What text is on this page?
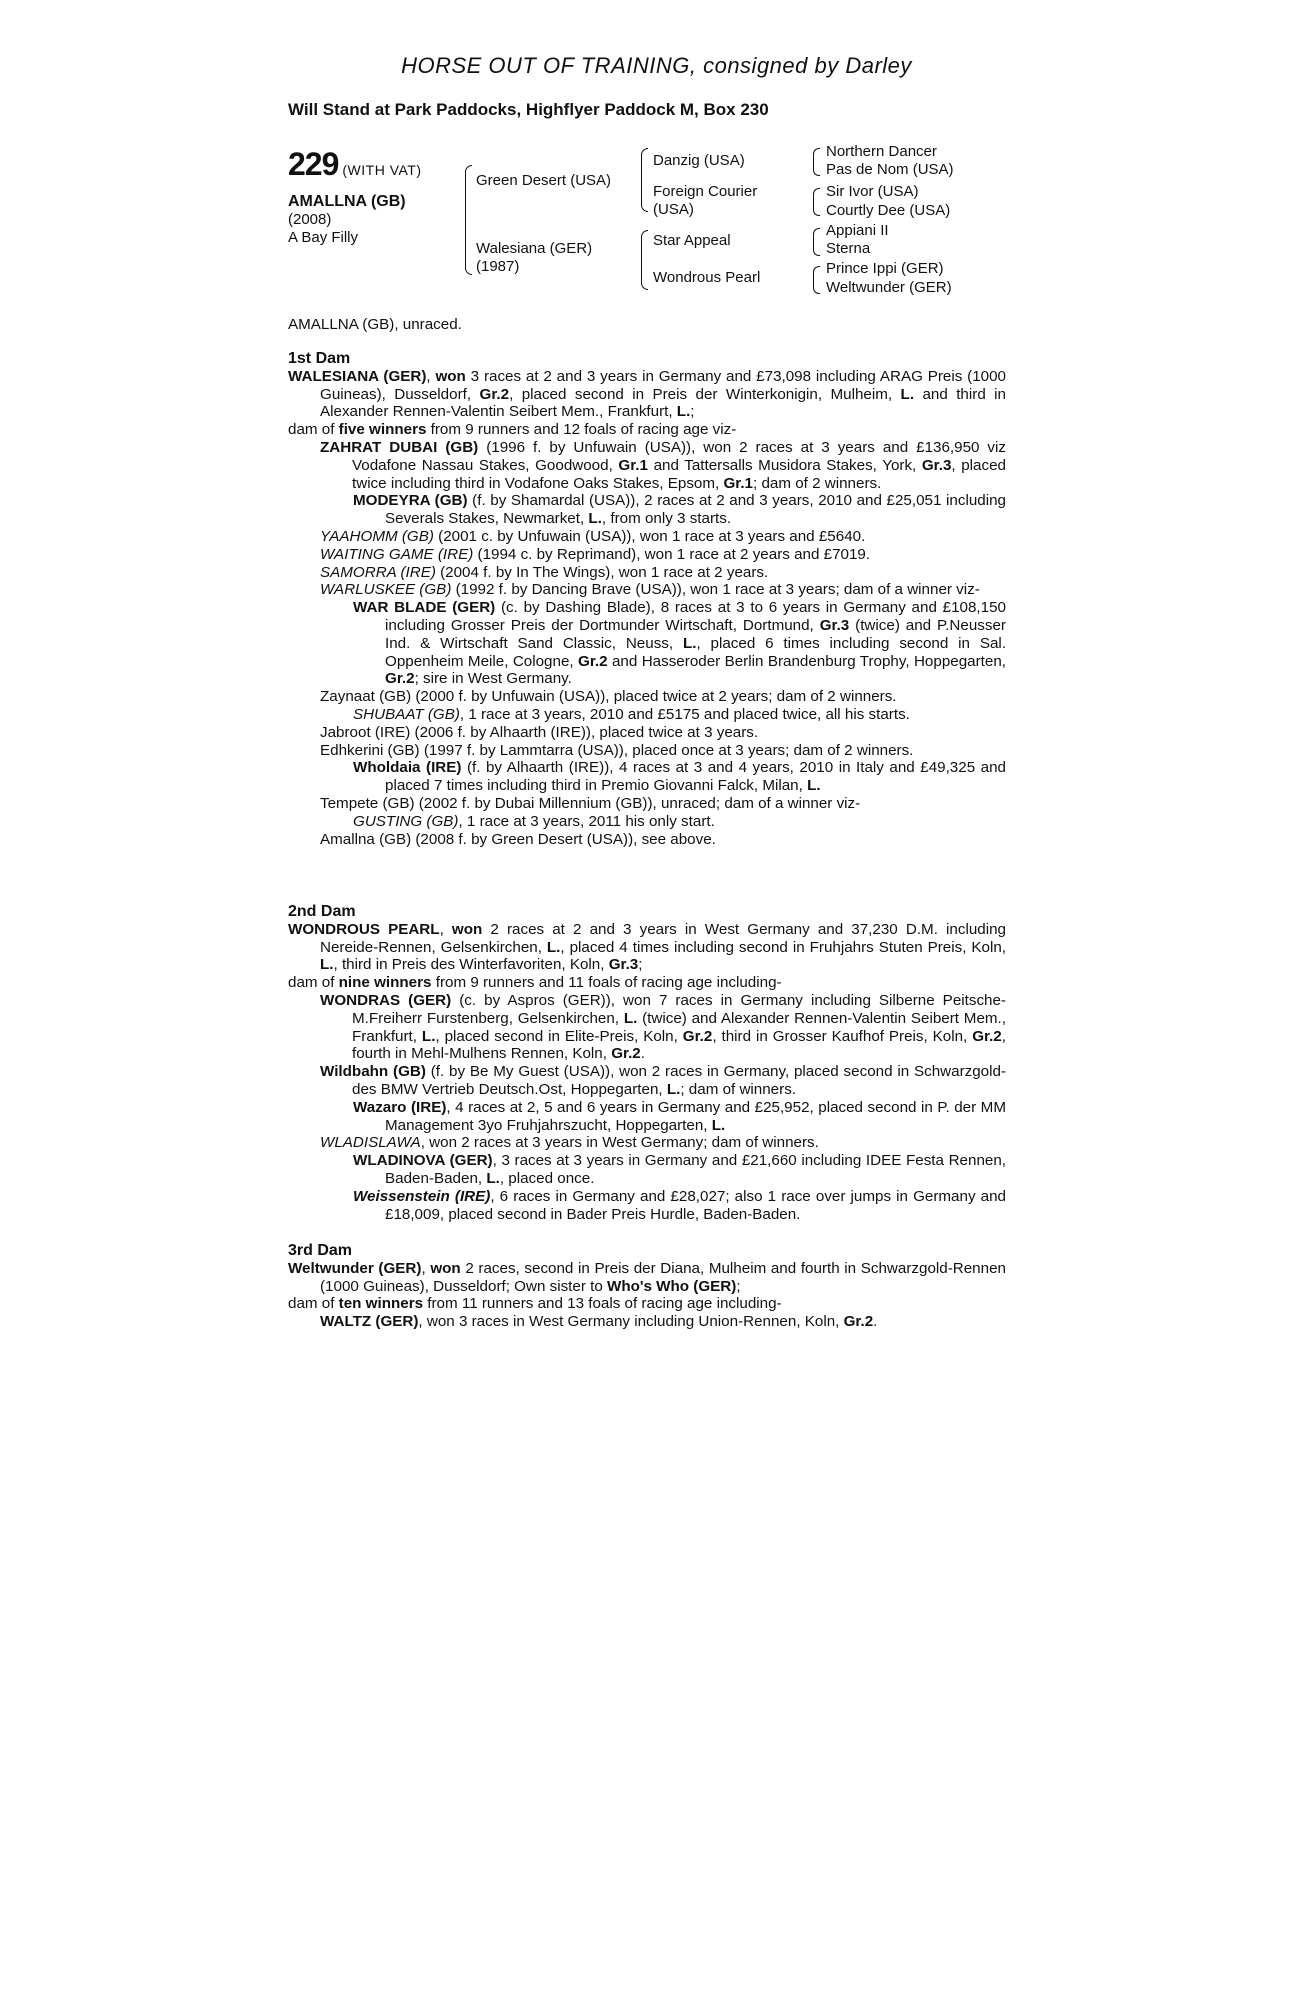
HORSE OUT OF TRAINING, consigned by Darley
Will Stand at Park Paddocks, Highflyer Paddock M, Box 230
229 (WITH VAT)
AMALLNA (GB)
(2008)
A Bay Filly
Green Desert (USA)
Walesiana (GER)
(1987)
Danzig (USA)
Foreign Courier
(USA)
Star Appeal
Wondrous Pearl
Northern Dancer
Pas de Nom (USA)
Sir Ivor (USA)
Courtly Dee (USA)
Appiani II
Sterna
Prince Ippi (GER)
Weltwunder (GER)
AMALLNA (GB), unraced.

1st Dam

WALESIANA (GER), won 3 races at 2 and 3 years in Germany and £73,098 including ARAG Preis (1000 Guineas), Dusseldorf, Gr.2, placed second in Preis der Winterkonigin, Mulheim, L. and third in Alexander Rennen-Valentin Seibert Mem., Frankfurt, L.;

dam of five winners from 9 runners and 12 foals of racing age viz-

ZAHRAT DUBAI (GB) (1996 f. by Unfuwain (USA)), won 2 races at 3 years and £136,950 viz Vodafone Nassau Stakes, Goodwood, Gr.1 and Tattersalls Musidora Stakes, York, Gr.3, placed twice including third in Vodafone Oaks Stakes, Epsom, Gr.1; dam of 2 winners.

MODEYRA (GB) (f. by Shamardal (USA)), 2 races at 2 and 3 years, 2010 and £25,051 including Severals Stakes, Newmarket, L., from only 3 starts.

YAAHOMM (GB) (2001 c. by Unfuwain (USA)), won 1 race at 3 years and £5640.

WAITING GAME (IRE) (1994 c. by Reprimand), won 1 race at 2 years and £7019.

SAMORRA (IRE) (2004 f. by In The Wings), won 1 race at 2 years.

WARLUSKEE (GB) (1992 f. by Dancing Brave (USA)), won 1 race at 3 years; dam of a winner viz-

WAR BLADE (GER) (c. by Dashing Blade), 8 races at 3 to 6 years in Germany and £108,150 including Grosser Preis der Dortmunder Wirtschaft, Dortmund, Gr.3 (twice) and P.Neusser Ind. & Wirtschaft Sand Classic, Neuss, L., placed 6 times including second in Sal. Oppenheim Meile, Cologne, Gr.2 and Hasseroder Berlin Brandenburg Trophy, Hoppegarten, Gr.2; sire in West Germany.

Zaynaat (GB) (2000 f. by Unfuwain (USA)), placed twice at 2 years; dam of 2 winners.

SHUBAAT (GB), 1 race at 3 years, 2010 and £5175 and placed twice, all his starts.

Jabroot (IRE) (2006 f. by Alhaarth (IRE)), placed twice at 3 years.

Edhkerini (GB) (1997 f. by Lammtarra (USA)), placed once at 3 years; dam of 2 winners.

Wholdaia (IRE) (f. by Alhaarth (IRE)), 4 races at 3 and 4 years, 2010 in Italy and £49,325 and placed 7 times including third in Premio Giovanni Falck, Milan, L.

Tempete (GB) (2002 f. by Dubai Millennium (GB)), unraced; dam of a winner viz-

GUSTING (GB), 1 race at 3 years, 2011 his only start.

Amallna (GB) (2008 f. by Green Desert (USA)), see above.

2nd Dam

WONDROUS PEARL, won 2 races at 2 and 3 years in West Germany and 37,230 D.M. including Nereide-Rennen, Gelsenkirchen, L., placed 4 times including second in Fruhjahrs Stuten Preis, Koln, L., third in Preis des Winterfavoriten, Koln, Gr.3;

dam of nine winners from 9 runners and 11 foals of racing age including-

WONDRAS (GER) (c. by Aspros (GER)), won 7 races in Germany including Silberne Peitsche-M.Freiherr Furstenberg, Gelsenkirchen, L. (twice) and Alexander Rennen-Valentin Seibert Mem., Frankfurt, L., placed second in Elite-Preis, Koln, Gr.2, third in Grosser Kaufhof Preis, Koln, Gr.2, fourth in Mehl-Mulhens Rennen, Koln, Gr.2.

Wildbahn (GB) (f. by Be My Guest (USA)), won 2 races in Germany, placed second in Schwarzgold-des BMW Vertrieb Deutsch.Ost, Hoppegarten, L.; dam of winners.

Wazaro (IRE), 4 races at 2, 5 and 6 years in Germany and £25,952, placed second in P. der MM Management 3yo Fruhjahrszucht, Hoppegarten, L.

WLADISLAWA, won 2 races at 3 years in West Germany; dam of winners.

WLADINOVA (GER), 3 races at 3 years in Germany and £21,660 including IDEE Festa Rennen, Baden-Baden, L., placed once.

Weissenstein (IRE), 6 races in Germany and £28,027; also 1 race over jumps in Germany and £18,009, placed second in Bader Preis Hurdle, Baden-Baden.

3rd Dam

Weltwunder (GER), won 2 races, second in Preis der Diana, Mulheim and fourth in Schwarzgold-Rennen (1000 Guineas), Dusseldorf; Own sister to Who's Who (GER);

dam of ten winners from 11 runners and 13 foals of racing age including-

WALTZ (GER), won 3 races in West Germany including Union-Rennen, Koln, Gr.2.
